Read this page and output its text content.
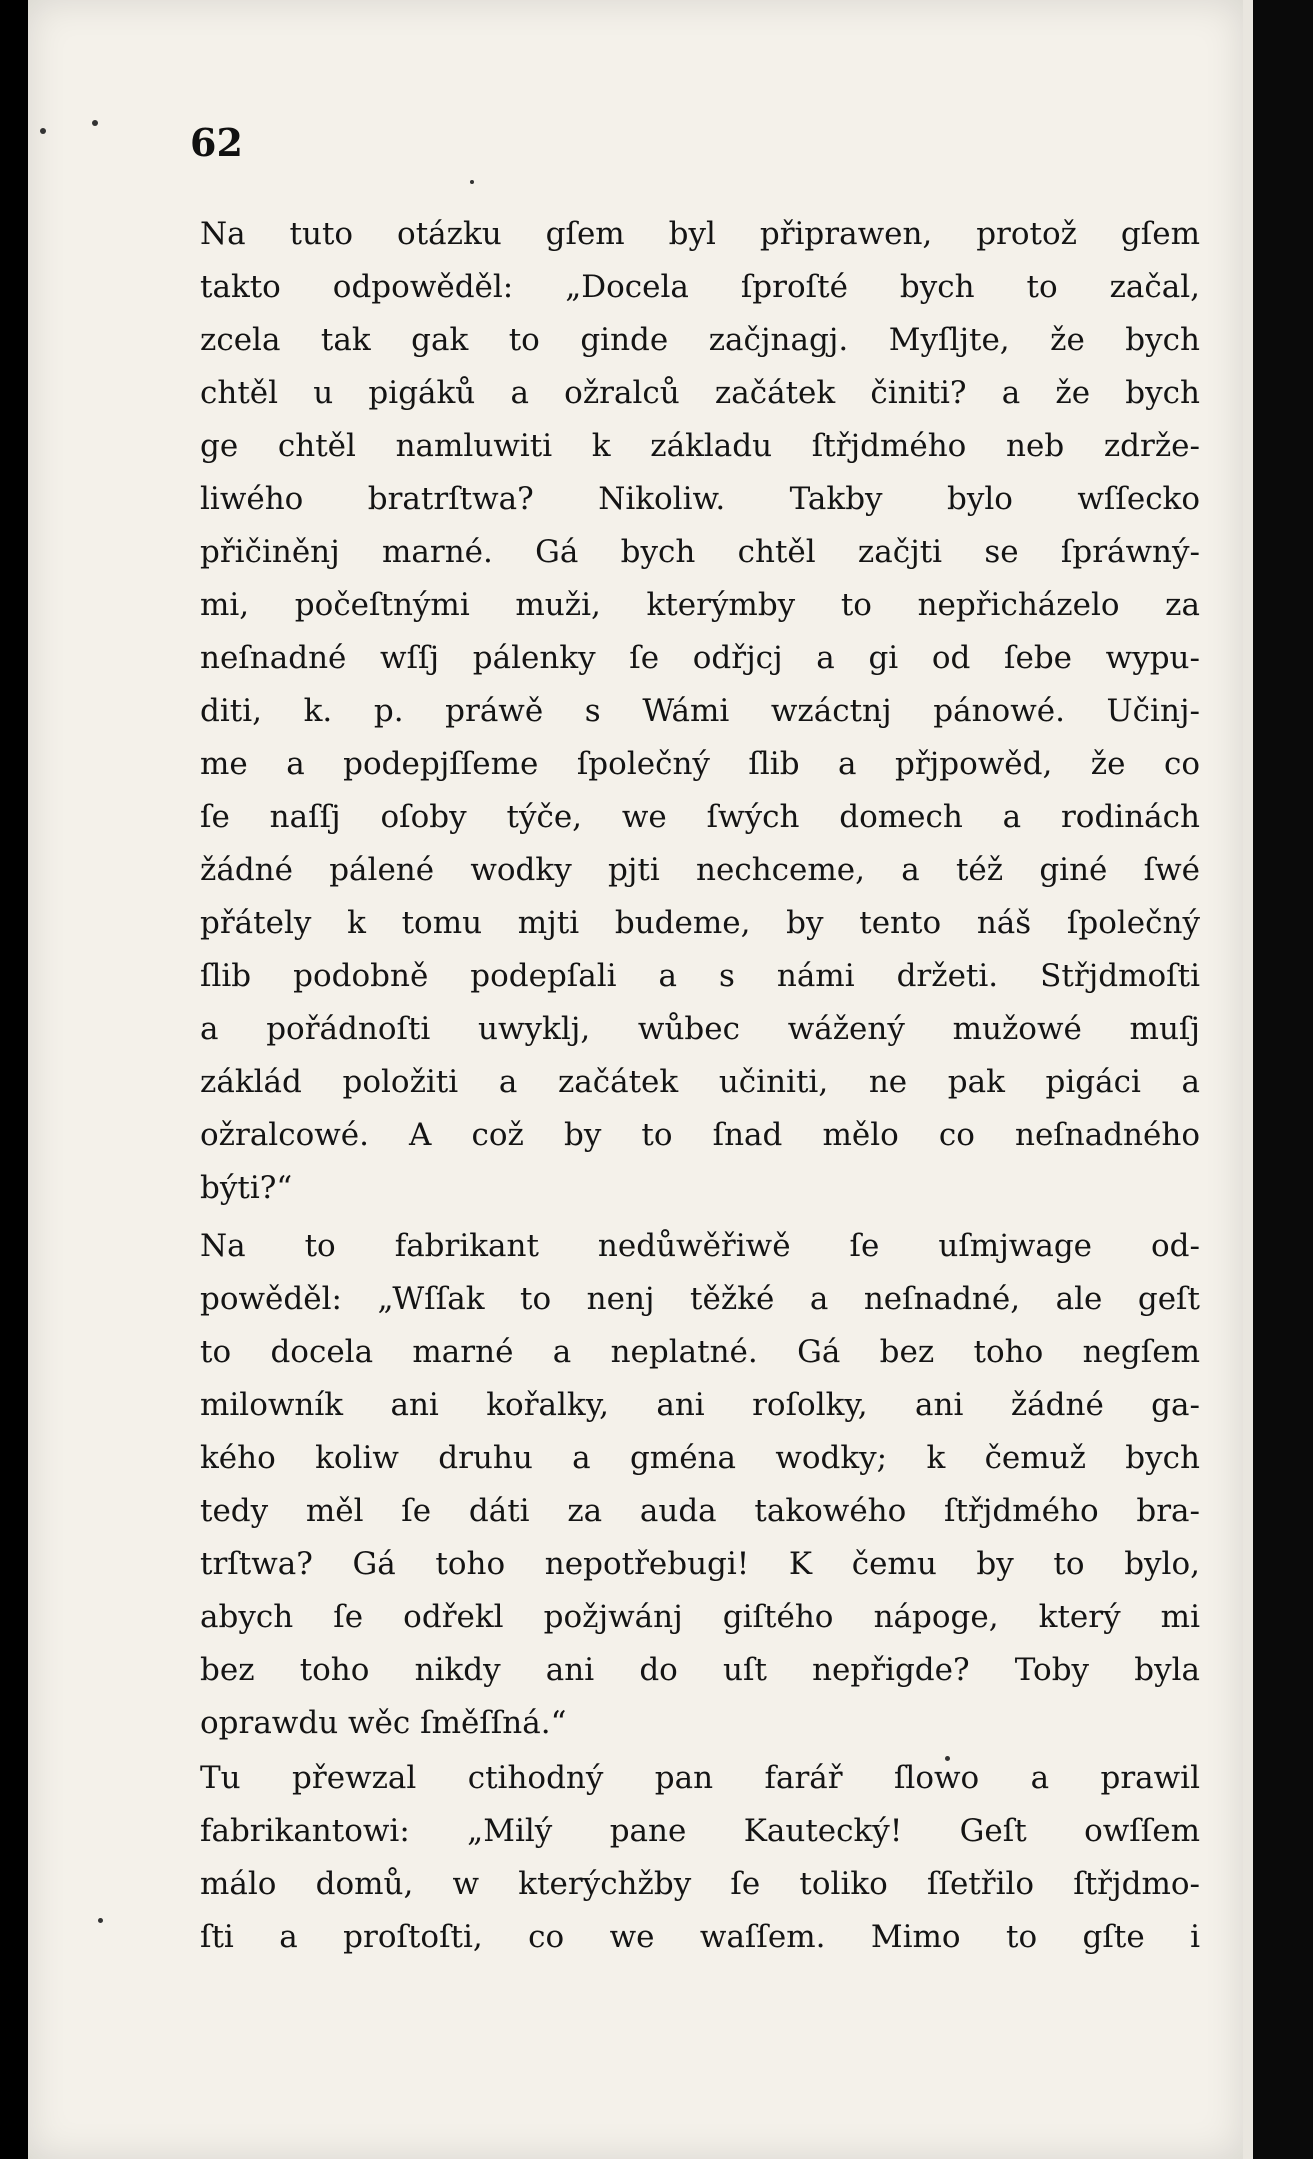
62
Na tuto otázku gſem byl připrawen, protož gſem
takto odpowěděl: „Docela ſproſté bych to začal,
zcela tak gak to ginde začjnagj. Myſljte, že bych
chtěl u pigáků a ožralců začátek činiti? a že bych
ge chtěl namluwiti k základu ſtřjdmého neb zdrže-
liwého bratrſtwa? Nikoliw. Takby bylo wſſecko
přičiněnj marné. Gá bych chtěl začjti se ſpráwný-
mi, počeſtnými muži, kterýmby to nepřicházelo za
neſnadné wſſj pálenky ſe odřjcj a gi od ſebe wypu-
diti, k. p. práwě s Wámi wzáctnj pánowé. Učinj-
me a podepjſſeme ſpolečný ſlib a přjpowěd, že co
ſe naſſj oſoby týče, we ſwých domech a rodinách
žádné pálené wodky pjti nechceme, a též giné ſwé
přátely k tomu mjti budeme, by tento náš ſpolečný
ſlib podobně podepſali a s námi držeti. Střjdmoſti
a pořádnoſti uwyklj, wůbec wážený mužowé muſj
záklád položiti a začátek učiniti, ne pak pigáci a
ožralcowé. A což by to ſnad mělo co neſnadného
býti?“
Na to fabrikant nedůwěřiwě ſe uſmjwage od-
powěděl: „Wſſak to nenj těžké a neſnadné, ale geſt
to docela marné a neplatné. Gá bez toho negſem
milowník ani kořalky, ani roſolky, ani žádné ga-
kého koliw druhu a gména wodky; k čemuž bych
tedy měl ſe dáti za auda takowého ſtřjdmého bra-
trſtwa? Gá toho nepotřebugi! K čemu by to bylo,
abych ſe odřekl požjwánj giſtého nápoge, který mi
bez toho nikdy ani do uſt nepřigde? Toby byla
oprawdu wěc ſměſſná.“
Tu přewzal ctihodný pan farář ſlowo a prawil
fabrikantowi: „Milý pane Kautecký! Geſt owſſem
málo domů, w kterýchžby ſe toliko ſſetřilo ſtřjdmo-
ſti a proſtoſti, co we waſſem. Mimo to gſte i
